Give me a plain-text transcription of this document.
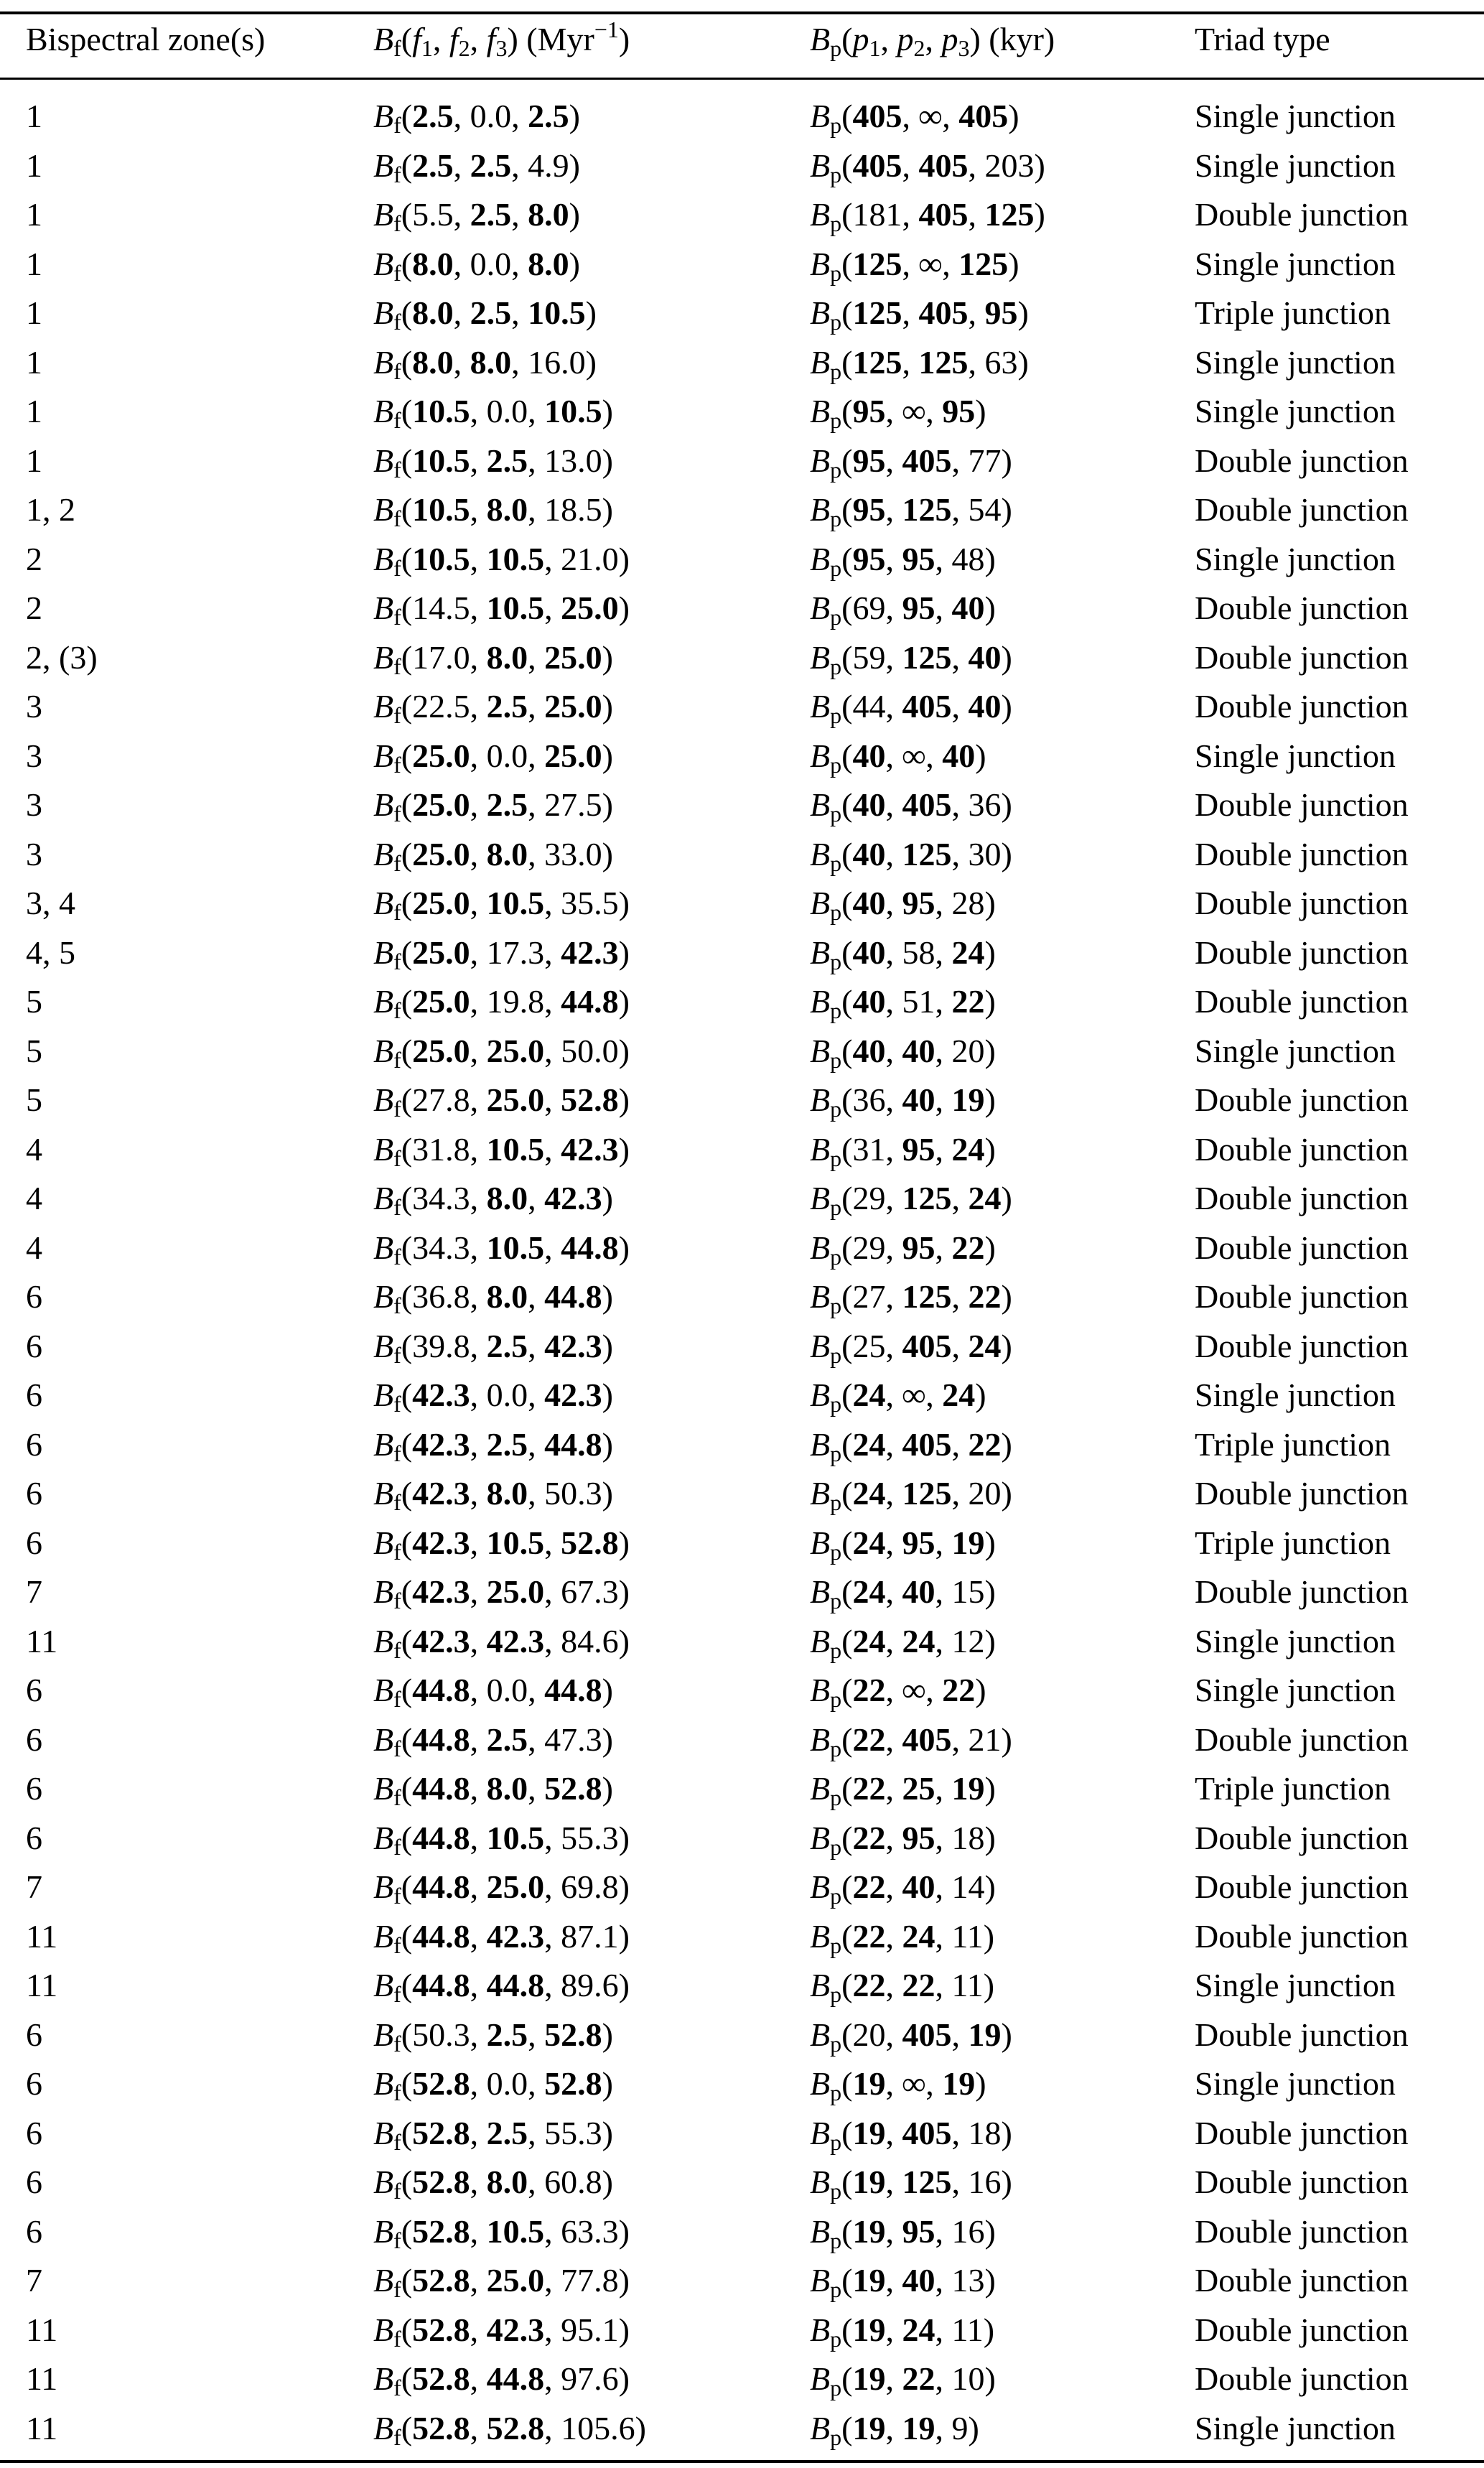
Bispectral zone(s)	$B_f(f_1$, $f_2$, $f_3$) (Myr$^{-1}$)	$B_p(p_1$, $p_2$, $p_3$) (kyr)	Triad type
1	$B_f(2.5$, 0.0, 2.5)	$B_p(405$, ∞, 405)	Single junction
1	$B_f(2.5$, 2.5, 4.9)	$B_p(405$, 405, 203)	Single junction
1	$B_f(5.5$, 2.5, 8.0)	$B_p(181$, 405, 125)	Double junction
1	$B_f(8.0$, 0.0, 8.0)	$B_p(125$, ∞, 125)	Single junction
1	$B_f(8.0$, 2.5, 10.5)	$B_p(125$, 405, 95)	Triple junction
1	$B_f(8.0$, 8.0, 16.0)	$B_p(125$, 125, 63)	Single junction
1	$B_f(10.5$, 0.0, 10.5)	$B_p(95$, ∞, 95)	Single junction
1	$B_f(10.5$, 2.5, 13.0)	$B_p(95$, 405, 77)	Double junction
1, 2	$B_f(10.5$, 8.0, 18.5)	$B_p(95$, 125, 54)	Double junction
2	$B_f(10.5$, 10.5, 21.0)	$B_p(95$, 95, 48)	Single junction
2	$B_f(14.5$, 10.5, 25.0)	$B_p(69$, 95, 40)	Double junction
2, (3)	$B_f(17.0$, 8.0, 25.0)	$B_p(59$, 125, 40)	Double junction
3	$B_f(22.5$, 2.5, 25.0)	$B_p(44$, 405, 40)	Double junction
3	$B_f(25.0$, 0.0, 25.0)	$B_p(40$, ∞, 40)	Single junction
3	$B_f(25.0$, 2.5, 27.5)	$B_p(40$, 405, 36)	Double junction
3	$B_f(25.0$, 8.0, 33.0)	$B_p(40$, 125, 30)	Double junction
3, 4	$B_f(25.0$, 10.5, 35.5)	$B_p(40$, 95, 28)	Double junction
4, 5	$B_f(25.0$, 17.3, 42.3)	$B_p(40$, 58, 24)	Double junction
5	$B_f(25.0$, 19.8, 44.8)	$B_p(40$, 51, 22)	Double junction
5	$B_f(25.0$, 25.0, 50.0)	$B_p(40$, 40, 20)	Single junction
5	$B_f(27.8$, 25.0, 52.8)	$B_p(36$, 40, 19)	Double junction
4	$B_f(31.8$, 10.5, 42.3)	$B_p(31$, 95, 24)	Double junction
4	$B_f(34.3$, 8.0, 42.3)	$B_p(29$, 125, 24)	Double junction
4	$B_f(34.3$, 10.5, 44.8)	$B_p(29$, 95, 22)	Double junction
6	$B_f(36.8$, 8.0, 44.8)	$B_p(27$, 125, 22)	Double junction
6	$B_f(39.8$, 2.5, 42.3)	$B_p(25$, 405, 24)	Double junction
6	$B_f(42.3$, 0.0, 42.3)	$B_p(24$, ∞, 24)	Single junction
6	$B_f(42.3$, 2.5, 44.8)	$B_p(24$, 405, 22)	Triple junction
6	$B_f(42.3$, 8.0, 50.3)	$B_p(24$, 125, 20)	Double junction
6	$B_f(42.3$, 10.5, 52.8)	$B_p(24$, 95, 19)	Triple junction
7	$B_f(42.3$, 25.0, 67.3)	$B_p(24$, 40, 15)	Double junction
11	$B_f(42.3$, 42.3, 84.6)	$B_p(24$, 24, 12)	Single junction
6	$B_f(44.8$, 0.0, 44.8)	$B_p(22$, ∞, 22)	Single junction
6	$B_f(44.8$, 2.5, 47.3)	$B_p(22$, 405, 21)	Double junction
6	$B_f(44.8$, 8.0, 52.8)	$B_p(22$, 25, 19)	Triple junction
6	$B_f(44.8$, 10.5, 55.3)	$B_p(22$, 95, 18)	Double junction
7	$B_f(44.8$, 25.0, 69.8)	$B_p(22$, 40, 14)	Double junction
11	$B_f(44.8$, 42.3, 87.1)	$B_p(22$, 24, 11)	Double junction
11	$B_f(44.8$, 44.8, 89.6)	$B_p(22$, 22, 11)	Single junction
6	$B_f(50.3$, 2.5, 52.8)	$B_p(20$, 405, 19)	Double junction
6	$B_f(52.8$, 0.0, 52.8)	$B_p(19$, ∞, 19)	Single junction
6	$B_f(52.8$, 2.5, 55.3)	$B_p(19$, 405, 18)	Double junction
6	$B_f(52.8$, 8.0, 60.8)	$B_p(19$, 125, 16)	Double junction
6	$B_f(52.8$, 10.5, 63.3)	$B_p(19$, 95, 16)	Double junction
7	$B_f(52.8$, 25.0, 77.8)	$B_p(19$, 40, 13)	Double junction
11	$B_f(52.8$, 42.3, 95.1)	$B_p(19$, 24, 11)	Double junction
11	$B_f(52.8$, 44.8, 97.6)	$B_p(19$, 22, 10)	Double junction
11	$B_f(52.8$, 52.8, 105.6)	$B_p(19$, 19, 9)	Single junction
